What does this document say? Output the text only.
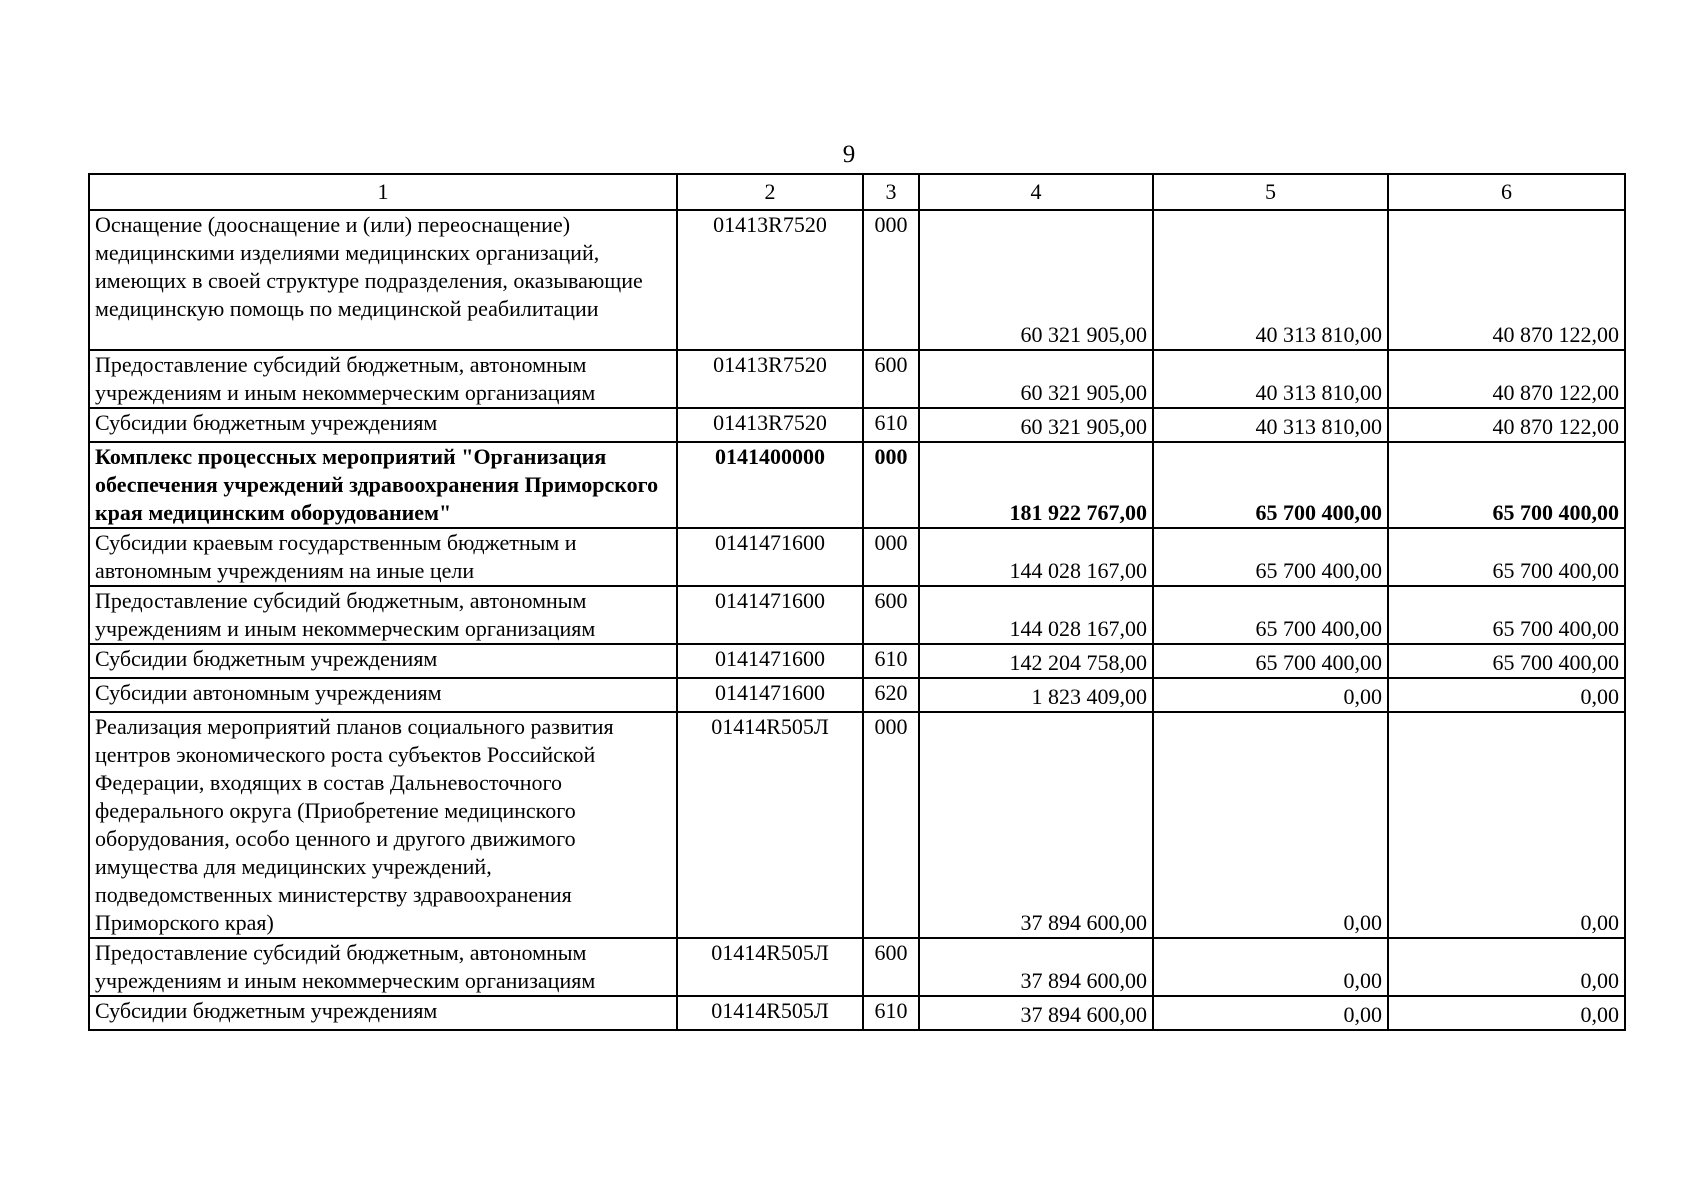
9
1	2	3	4	5	6
Оснащение (дооснащение и (или) переоснащение) медицинскими изделиями медицинских организаций, имеющих в своей структуре подразделения, оказывающие медицинскую помощь по медицинской реабилитации	01413R7520	000	60 321 905,00	40 313 810,00	40 870 122,00
Предоставление субсидий бюджетным, автономным учреждениям и иным некоммерческим организациям	01413R7520	600	60 321 905,00	40 313 810,00	40 870 122,00
Субсидии бюджетным учреждениям	01413R7520	610	60 321 905,00	40 313 810,00	40 870 122,00
Комплекс процессных мероприятий "Организация обеспечения учреждений здравоохранения Приморского края медицинским оборудованием"	0141400000	000	181 922 767,00	65 700 400,00	65 700 400,00
Субсидии краевым государственным бюджетным и автономным учреждениям на иные цели	0141471600	000	144 028 167,00	65 700 400,00	65 700 400,00
Предоставление субсидий бюджетным, автономным учреждениям и иным некоммерческим организациям	0141471600	600	144 028 167,00	65 700 400,00	65 700 400,00
Субсидии бюджетным учреждениям	0141471600	610	142 204 758,00	65 700 400,00	65 700 400,00
Субсидии автономным учреждениям	0141471600	620	1 823 409,00	0,00	0,00
Реализация мероприятий планов социального развития центров экономического роста субъектов Российской Федерации, входящих в состав Дальневосточного федерального округа (Приобретение медицинского оборудования, особо ценного и другого движимого имущества для медицинских учреждений, подведомственных министерству здравоохранения Приморского края)	01414R505Л	000	37 894 600,00	0,00	0,00
Предоставление субсидий бюджетным, автономным учреждениям и иным некоммерческим организациям	01414R505Л	600	37 894 600,00	0,00	0,00
Субсидии бюджетным учреждениям	01414R505Л	610	37 894 600,00	0,00	0,00
